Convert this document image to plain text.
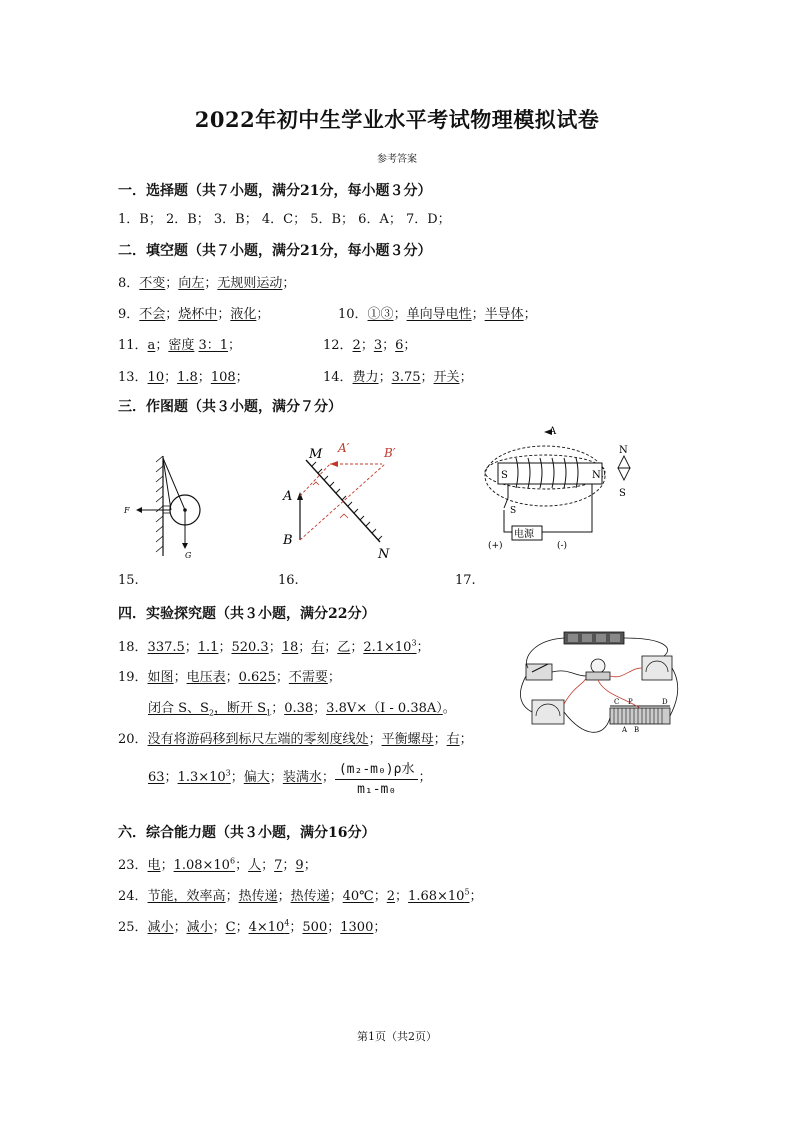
2022年初中生学业水平考试物理模拟试卷
参考答案
一．选择题（共７小题，满分21分，每小题３分）
1．B； 2．B； 3．B； 4．C； 5．B； 6．A； 7．D；
二．填空题（共７小题，满分21分，每小题３分）
8．不变；向左；无规则运动；
9．不会；烧杯中；液化；	10．①③；单向导电性；半导体；
11．a；密度 3：1；	12．2；3；6；
13．10；1.8；108；	14．费力；3.75；开关；
三．作图题（共３小题，满分７分）
F
G
M
N
A
B
A′	B′
S	N
A
N
S
电源
S
(+)	(-)
15.	16.	17.
四．实验探究题（共３小题，满分22分）
18．337.5；1.1；520.3；18；右；乙；$2.1\times 10^3$；
19．如图；电压表；0.625；不需要；
闭合 S、$S_2$，断开 $S_1$；0.38；3.8V×（I - 0.38A）。	C P	D
A B
20．没有将游码移到标尺左端的零刻度线处；平衡螺母；右；
63；$1.3\times 10^3$；偏大；装满水； $\frac{\text{(m₂-m₀)ρ水}}{\text{m₁-m₀}}$ ；
六．综合能力题（共３小题，满分16分）
23．电；$1.08\times 10^6$；人；7；9；
24．节能，效率高；热传递；热传递；40℃；2；$1.68\times 10^5$；
25．减小；减小；C；$4\times 10^4$；500；1300；
第1页（共2页）
